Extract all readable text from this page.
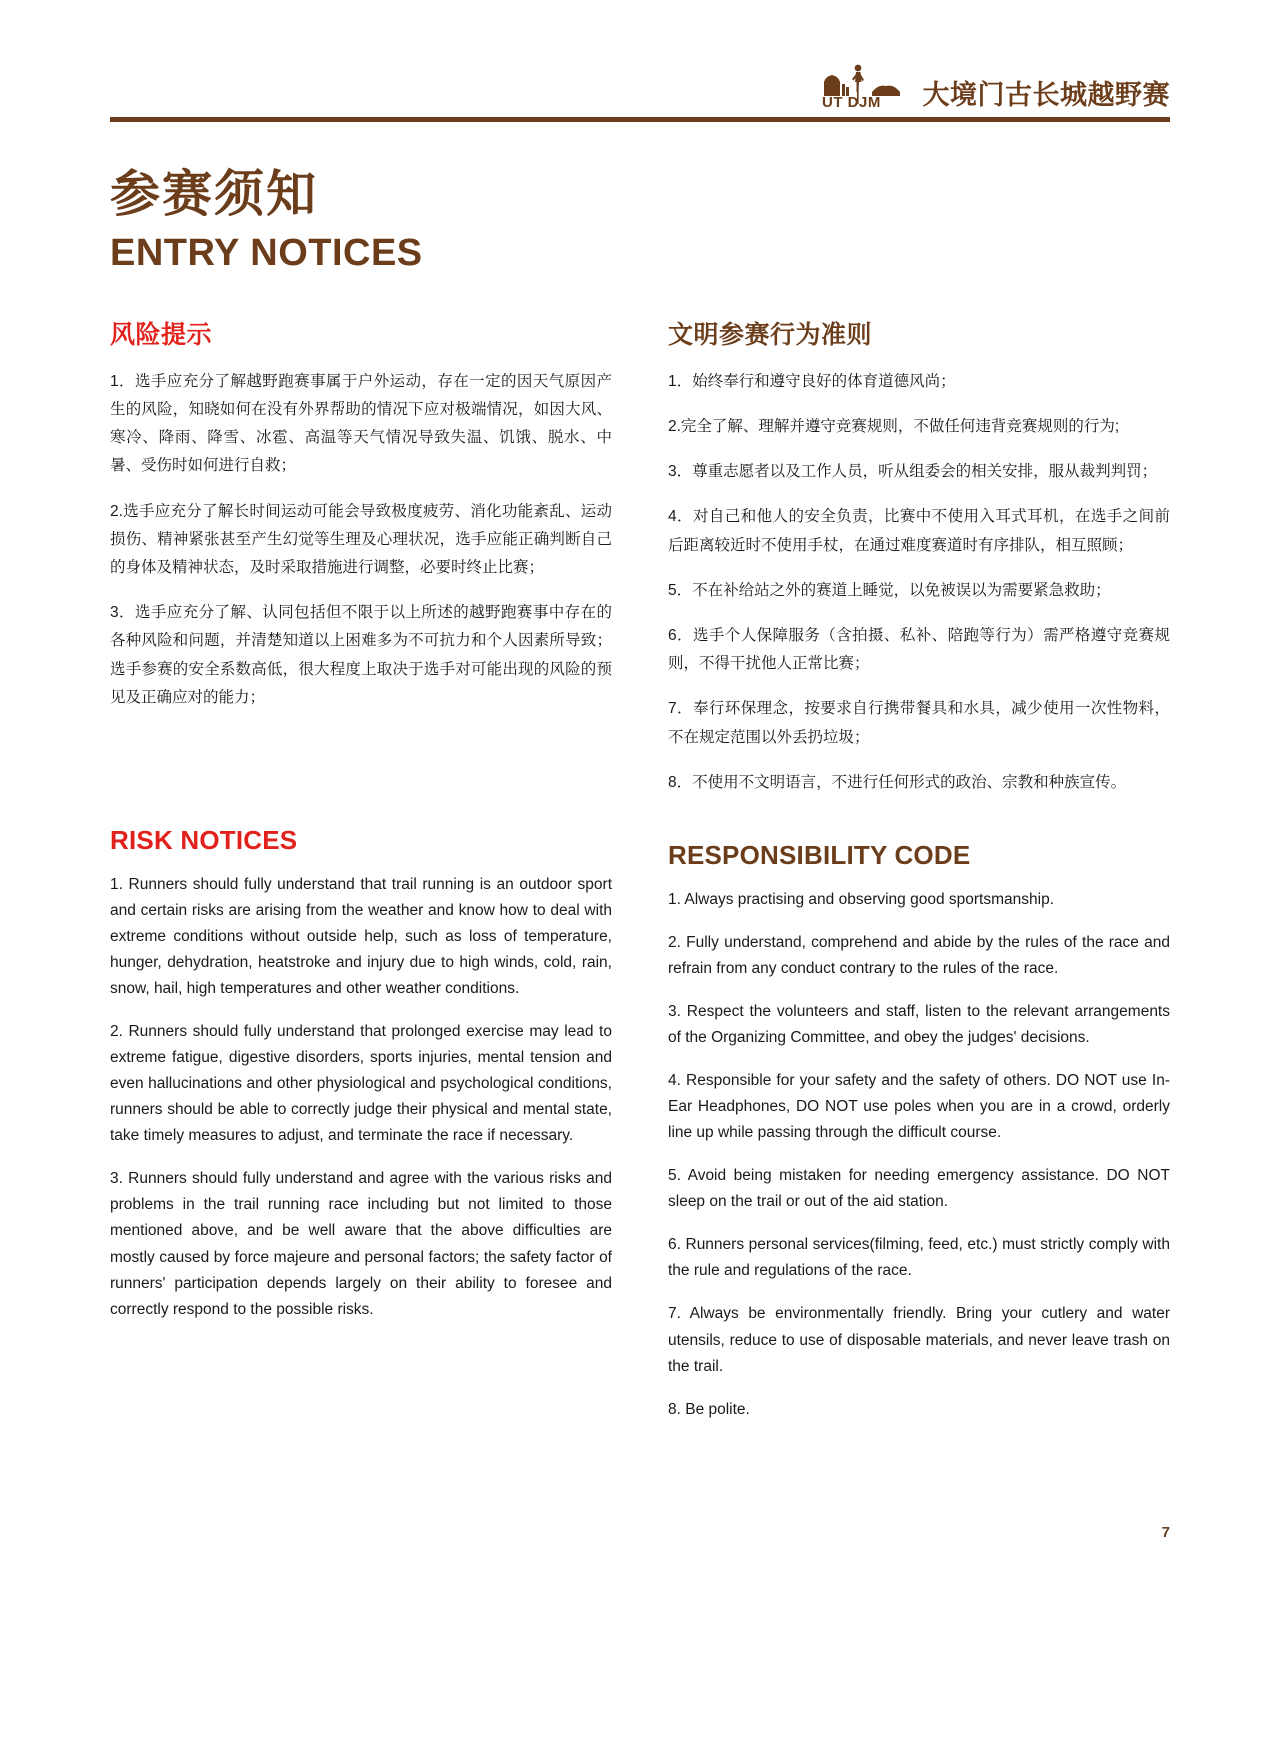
UT DJM 大境门古长城越野赛
参赛须知
ENTRY NOTICES
风险提示

1．选手应充分了解越野跑赛事属于户外运动，存在一定的因天气原因产生的风险，知晓如何在没有外界帮助的情况下应对极端情况，如因大风、寒冷、降雨、降雪、冰雹、高温等天气情况导致失温、饥饿、脱水、中暑、受伤时如何进行自救；

2.选手应充分了解长时间运动可能会导致极度疲劳、消化功能紊乱、运动损伤、精神紧张甚至产生幻觉等生理及心理状况，选手应能正确判断自己的身体及精神状态，及时采取措施进行调整，必要时终止比赛；

3．选手应充分了解、认同包括但不限于以上所述的越野跑赛事中存在的各种风险和问题，并清楚知道以上困难多为不可抗力和个人因素所导致；选手参赛的安全系数高低，很大程度上取决于选手对可能出现的风险的预见及正确应对的能力；

RISK NOTICES

1. Runners should fully understand that trail running is an outdoor sport and certain risks are arising from the weather and know how to deal with extreme conditions without outside help, such as loss of temperature, hunger, dehydration, heatstroke and injury due to high winds, cold, rain, snow, hail, high temperatures and other weather conditions.

2. Runners should fully understand that prolonged exercise may lead to extreme fatigue, digestive disorders, sports injuries, mental tension and even hallucinations and other physiological and psychological conditions, runners should be able to correctly judge their physical and mental state, take timely measures to adjust, and terminate the race if necessary.

3. Runners should fully understand and agree with the various risks and problems in the trail running race including but not limited to those mentioned above, and be well aware that the above difficulties are mostly caused by force majeure and personal factors; the safety factor of runners' participation depends largely on their ability to foresee and correctly respond to the possible risks.

文明参赛行为准则

1．始终奉行和遵守良好的体育道德风尚；

2.完全了解、理解并遵守竞赛规则，不做任何违背竞赛规则的行为;

3．尊重志愿者以及工作人员，听从组委会的相关安排，服从裁判判罚；

4．对自己和他人的安全负责，比赛中不使用入耳式耳机，在选手之间前后距离较近时不使用手杖，在通过难度赛道时有序排队，相互照顾；

5．不在补给站之外的赛道上睡觉，以免被误以为需要紧急救助；

6．选手个人保障服务（含拍摄、私补、陪跑等行为）需严格遵守竞赛规则，不得干扰他人正常比赛；

7．奉行环保理念，按要求自行携带餐具和水具，减少使用一次性物料，不在规定范围以外丢扔垃圾；

8．不使用不文明语言，不进行任何形式的政治、宗教和种族宣传。

RESPONSIBILITY CODE

1. Always practising and observing good sportsmanship.

2. Fully understand, comprehend and abide by the rules of the race and refrain from any conduct contrary to the rules of the race.

3. Respect the volunteers and staff, listen to the relevant arrangements of the Organizing Committee, and obey the judges' decisions.

4. Responsible for your safety and the safety of others. DO NOT use In-Ear Headphones, DO NOT use poles when you are in a crowd, orderly line up while passing through the difficult course.

5. Avoid being mistaken for needing emergency assistance. DO NOT sleep on the trail or out of the aid station.

6. Runners personal services(filming, feed, etc.) must strictly comply with the rule and regulations of the race.

7. Always be environmentally friendly. Bring your cutlery and water utensils, reduce to use of disposable materials, and never leave trash on the trail.

8. Be polite.

7
